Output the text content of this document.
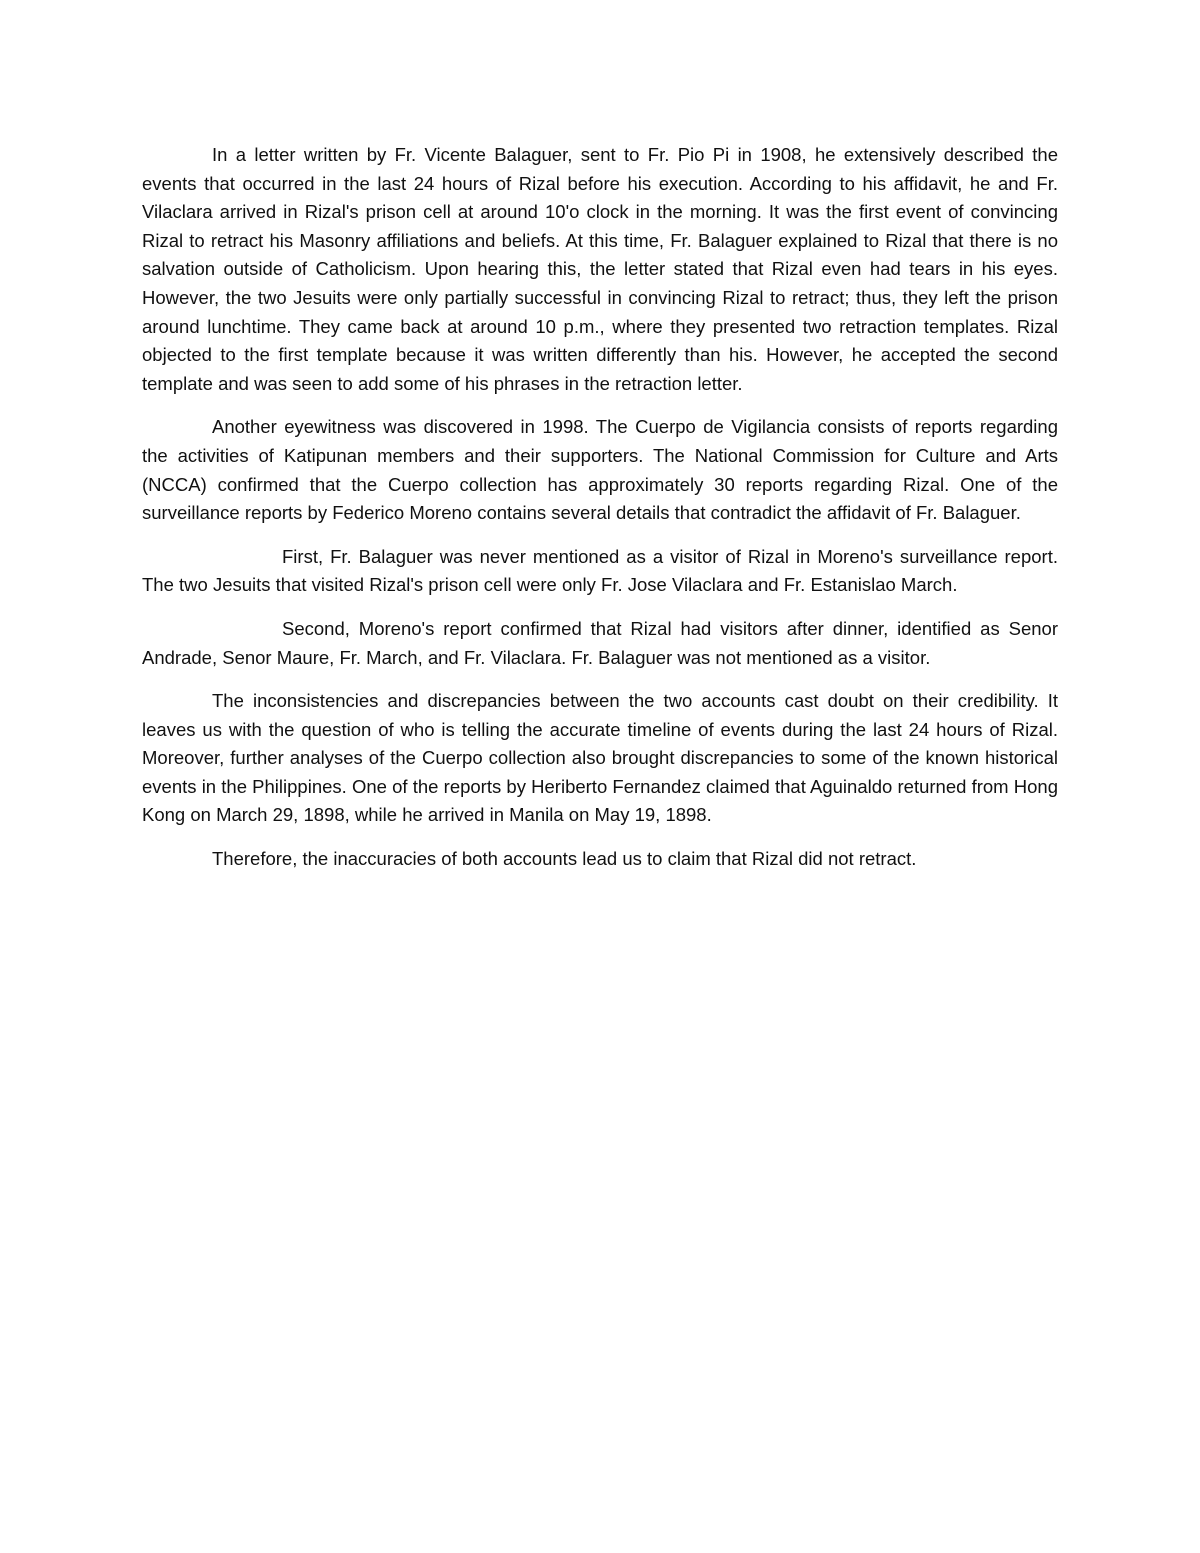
In a letter written by Fr. Vicente Balaguer, sent to Fr. Pio Pi in 1908, he extensively described the events that occurred in the last 24 hours of Rizal before his execution. According to his affidavit, he and Fr. Vilaclara arrived in Rizal's prison cell at around 10'o clock in the morning. It was the first event of convincing Rizal to retract his Masonry affiliations and beliefs. At this time, Fr. Balaguer explained to Rizal that there is no salvation outside of Catholicism. Upon hearing this, the letter stated that Rizal even had tears in his eyes. However, the two Jesuits were only partially successful in convincing Rizal to retract; thus, they left the prison around lunchtime. They came back at around 10 p.m., where they presented two retraction templates. Rizal objected to the first template because it was written differently than his. However, he accepted the second template and was seen to add some of his phrases in the retraction letter.

Another eyewitness was discovered in 1998. The Cuerpo de Vigilancia consists of reports regarding the activities of Katipunan members and their supporters. The National Commission for Culture and Arts (NCCA) confirmed that the Cuerpo collection has approximately 30 reports regarding Rizal. One of the surveillance reports by Federico Moreno contains several details that contradict the affidavit of Fr. Balaguer.

First, Fr. Balaguer was never mentioned as a visitor of Rizal in Moreno's surveillance report. The two Jesuits that visited Rizal's prison cell were only Fr. Jose Vilaclara and Fr. Estanislao March.

Second, Moreno's report confirmed that Rizal had visitors after dinner, identified as Senor Andrade, Senor Maure, Fr. March, and Fr. Vilaclara. Fr. Balaguer was not mentioned as a visitor.

The inconsistencies and discrepancies between the two accounts cast doubt on their credibility. It leaves us with the question of who is telling the accurate timeline of events during the last 24 hours of Rizal. Moreover, further analyses of the Cuerpo collection also brought discrepancies to some of the known historical events in the Philippines. One of the reports by Heriberto Fernandez claimed that Aguinaldo returned from Hong Kong on March 29, 1898, while he arrived in Manila on May 19, 1898.

Therefore, the inaccuracies of both accounts lead us to claim that Rizal did not retract.
